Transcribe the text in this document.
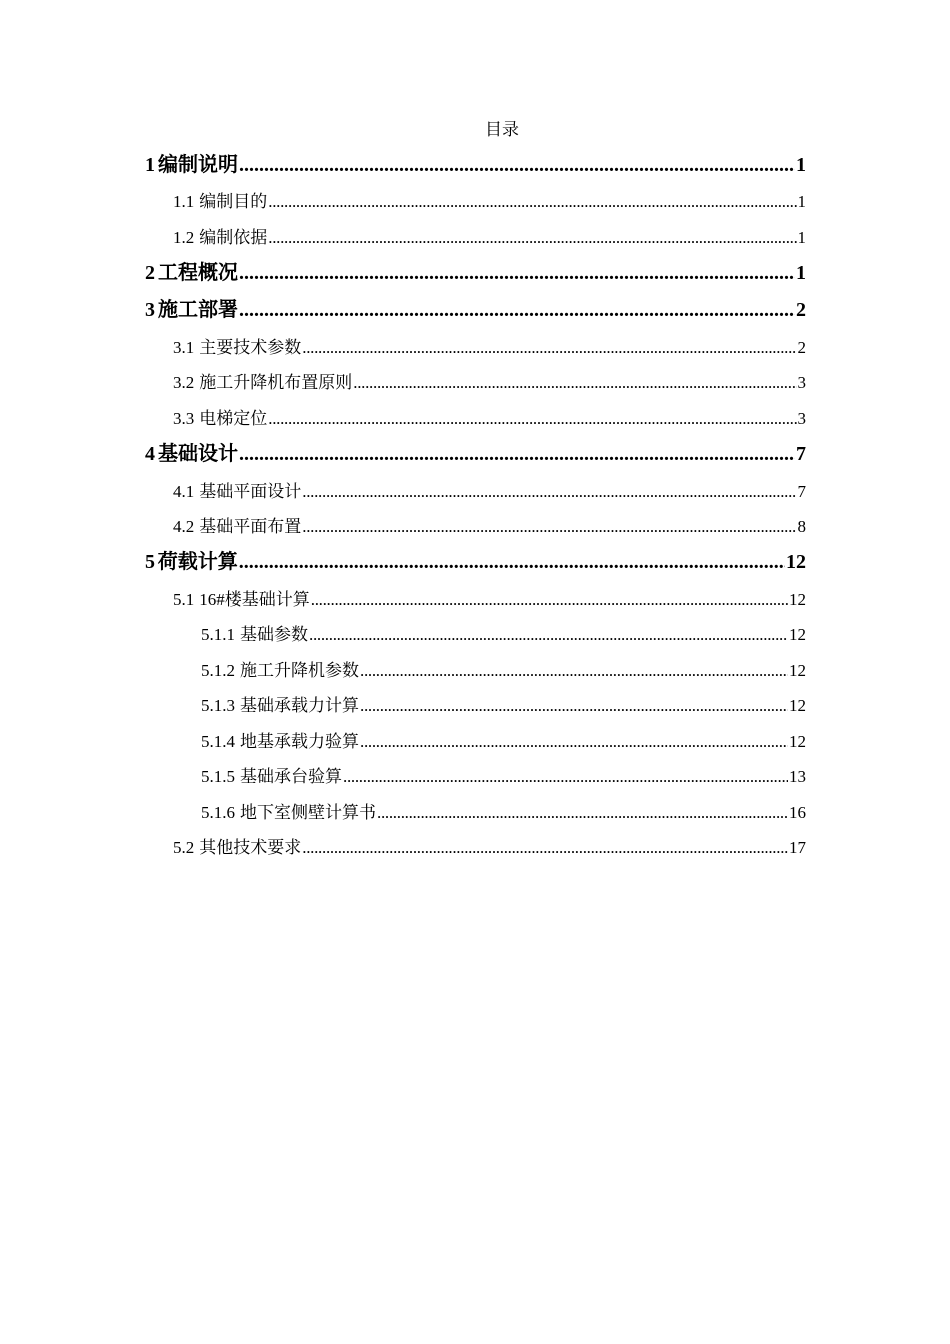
目录
1 编制说明 .....	1
1.1 编制目的 .....	1
1.2 编制依据 .....	1
2 工程概况 .....	1
3 施工部署 .....	2
3.1 主要技术参数 .....	2
3.2 施工升降机布置原则 .....	3
3.3 电梯定位 .....	3
4 基础设计 .....	7
4.1 基础平面设计 .....	7
4.2 基础平面布置 .....	8
5 荷载计算 .....	12
5.1 16#楼基础计算 .....	12
5.1.1 基础参数 .....	12
5.1.2 施工升降机参数 .....	12
5.1.3 基础承载力计算 .....	12
5.1.4 地基承载力验算 .....	12
5.1.5 基础承台验算 .....	13
5.1.6 地下室侧壁计算书 .....	16
5.2 其他技术要求 .....	17
